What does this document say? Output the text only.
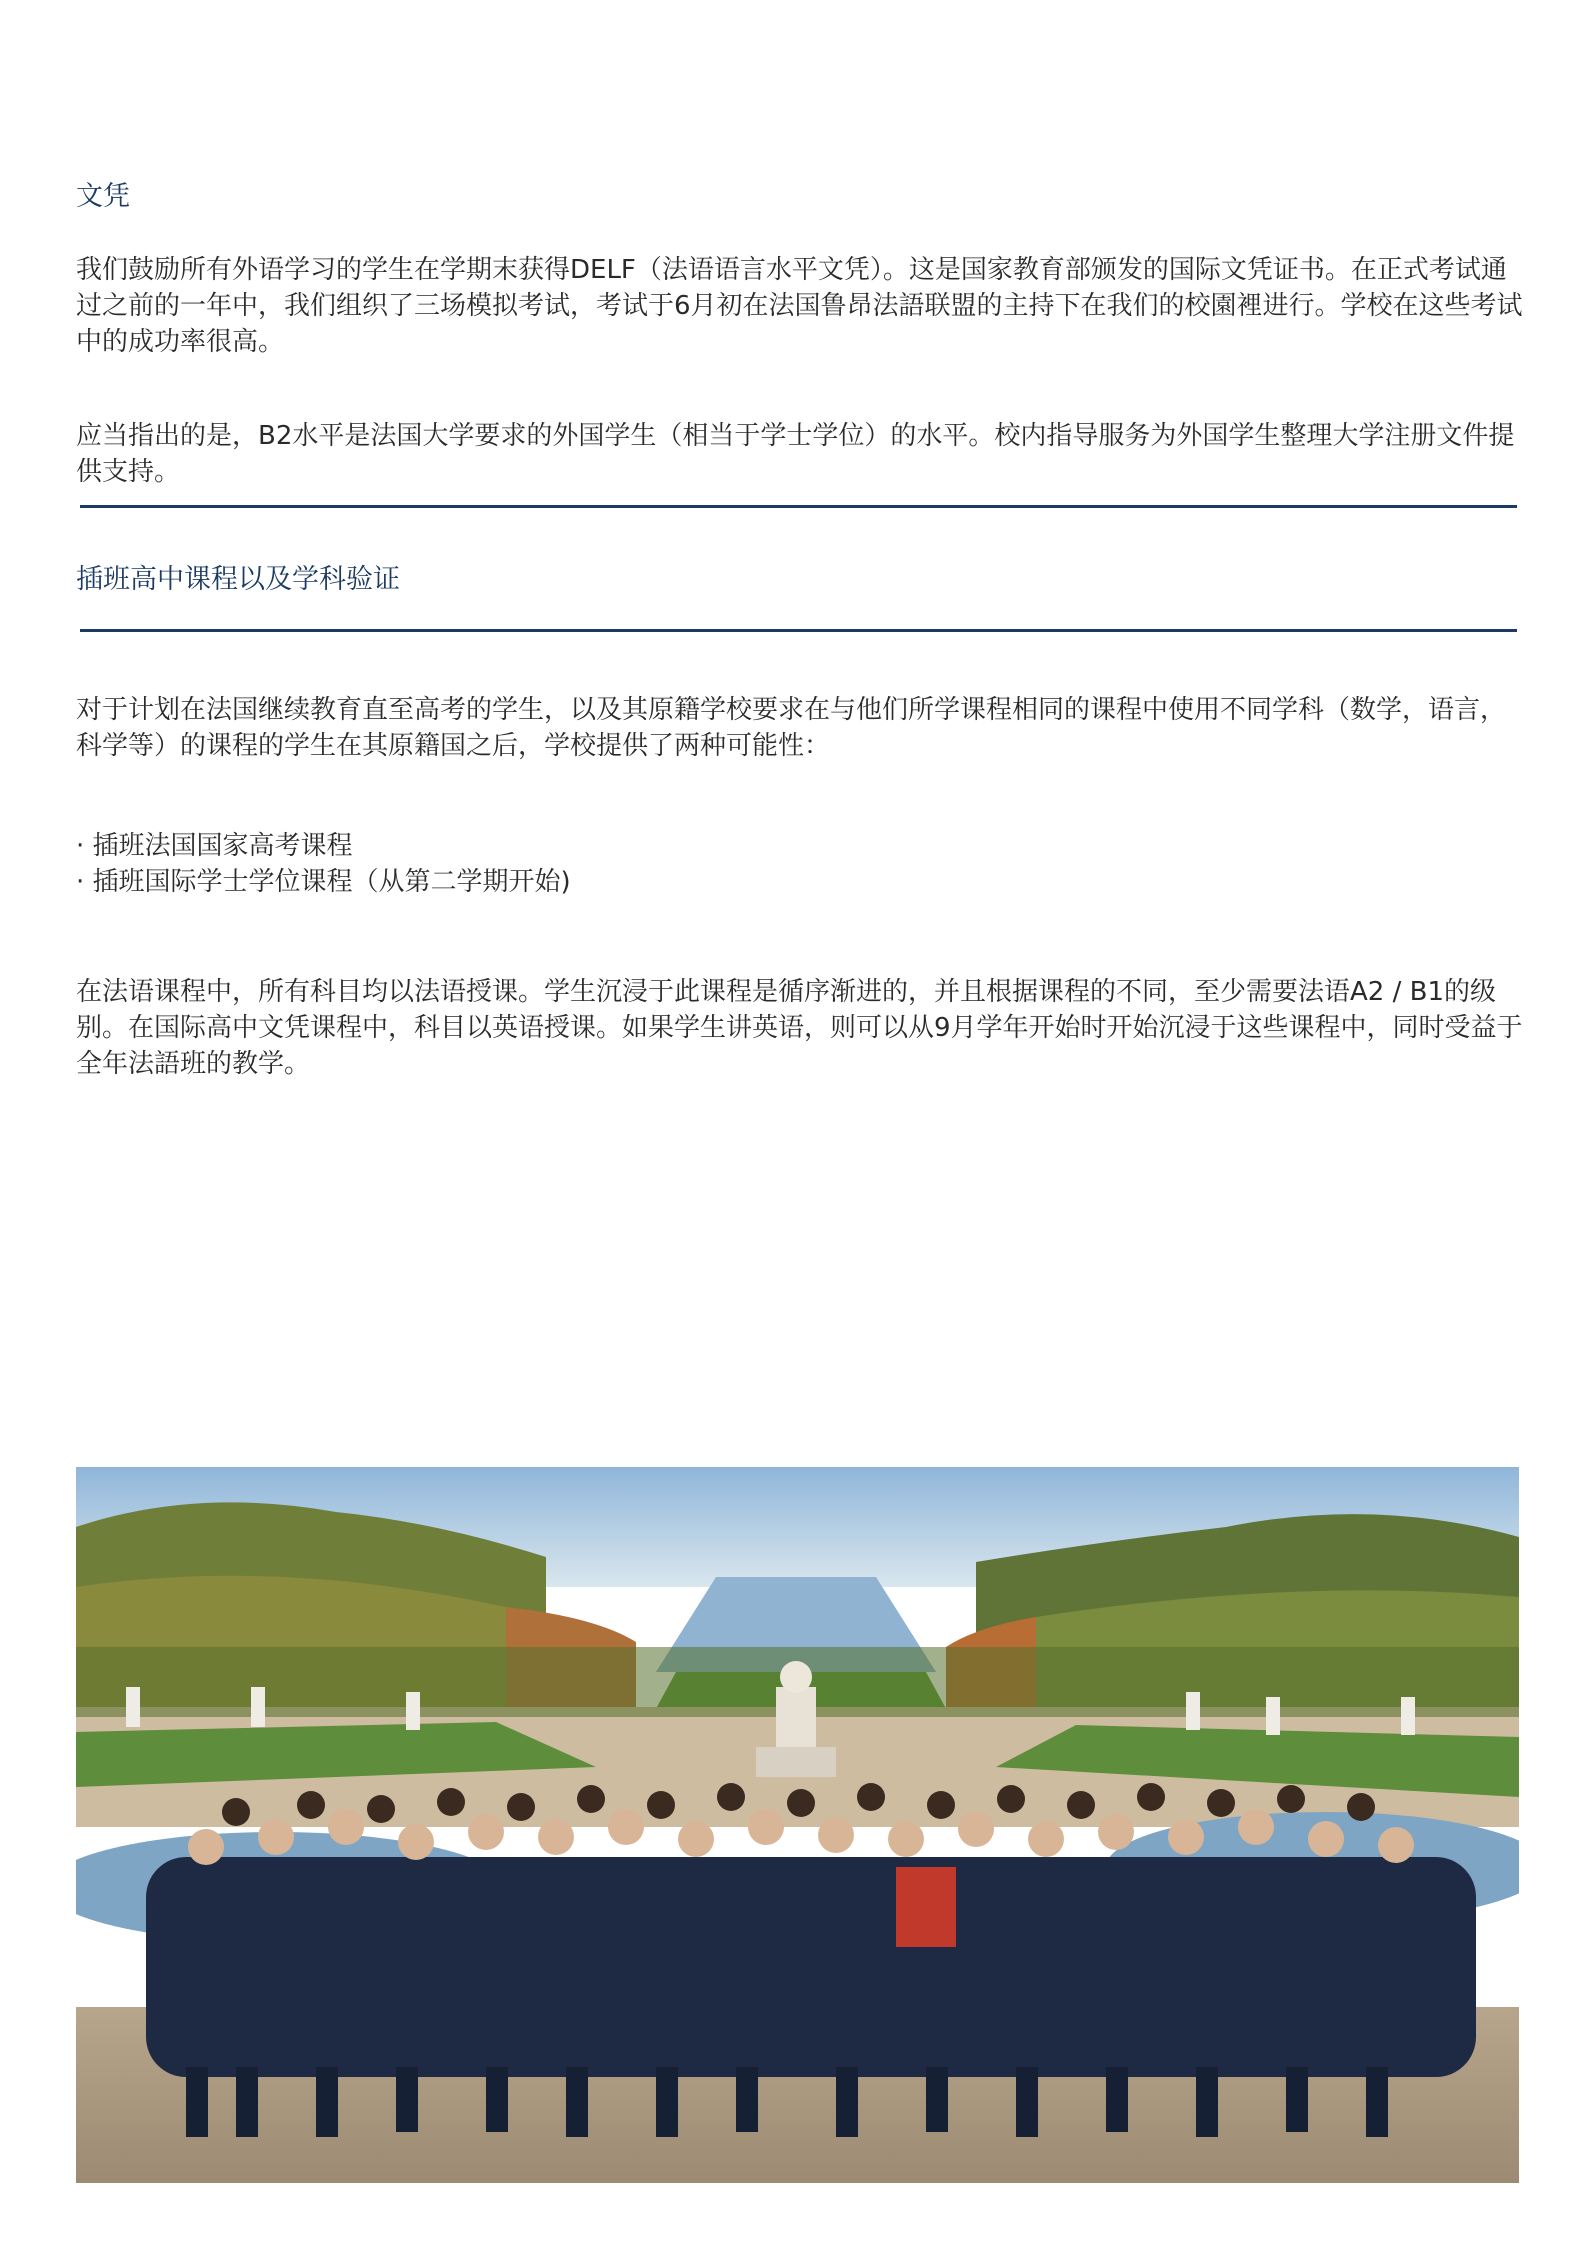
文凭

我们鼓励所有外语学习的学生在学期末获得DELF（法语语言水平文凭）。这是国家教育部颁发的国际文凭证书。在正式考试通过之前的一年中，我们组织了三场模拟考试，考试于6月初在法国鲁昂法語联盟的主持下在我们的校園裡进行。学校在这些考试中的成功率很高。

应当指出的是，B2水平是法国大学要求的外国学生（相当于学士学位）的水平。校内指导服务为外国学生整理大学注册文件提供支持。

插班高中课程以及学科验证

对于计划在法国继续教育直至高考的学生，以及其原籍学校要求在与他们所学课程相同的课程中使用不同学科（数学，语言，科学等）的课程的学生在其原籍国之后，学校提供了两种可能性：

· 插班法国国家高考课程
· 插班国际学士学位课程（从第二学期开始)

在法语课程中，所有科目均以法语授课。学生沉浸于此课程是循序渐进的，并且根据课程的不同，至少需要法语A2 / B1的级别。在国际高中文凭课程中，科目以英语授课。如果学生讲英语，则可以从9月学年开始时开始沉浸于这些课程中，同时受益于全年法語班的教学。
